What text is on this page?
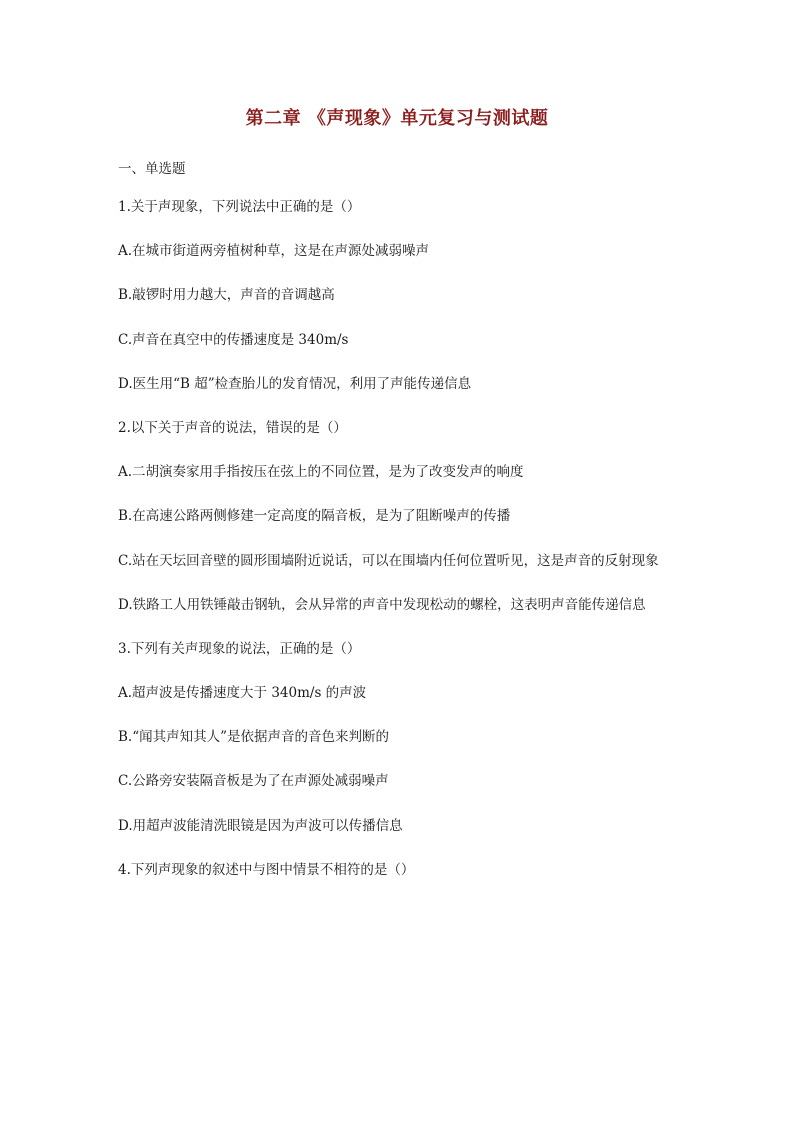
第二章 《声现象》单元复习与测试题
一、单选题
1.关于声现象，下列说法中正确的是（）
A.在城市街道两旁植树种草，这是在声源处减弱噪声
B.敲锣时用力越大，声音的音调越高
C.声音在真空中的传播速度是 340m/s
D.医生用“B 超”检查胎儿的发育情况，利用了声能传递信息
2.以下关于声音的说法，错误的是（）
A.二胡演奏家用手指按压在弦上的不同位置，是为了改变发声的响度
B.在高速公路两侧修建一定高度的隔音板，是为了阻断噪声的传播
C.站在天坛回音壁的圆形围墙附近说话，可以在围墙内任何位置听见，这是声音的反射现象
D.铁路工人用铁锤敲击钢轨，会从异常的声音中发现松动的螺栓，这表明声音能传递信息
3.下列有关声现象的说法，正确的是（）
A.超声波是传播速度大于 340m/s 的声波
B.“闻其声知其人”是依据声音的音色来判断的
C.公路旁安装隔音板是为了在声源处减弱噪声
D.用超声波能清洗眼镜是因为声波可以传播信息
4.下列声现象的叙述中与图中情景不相符的是（）
